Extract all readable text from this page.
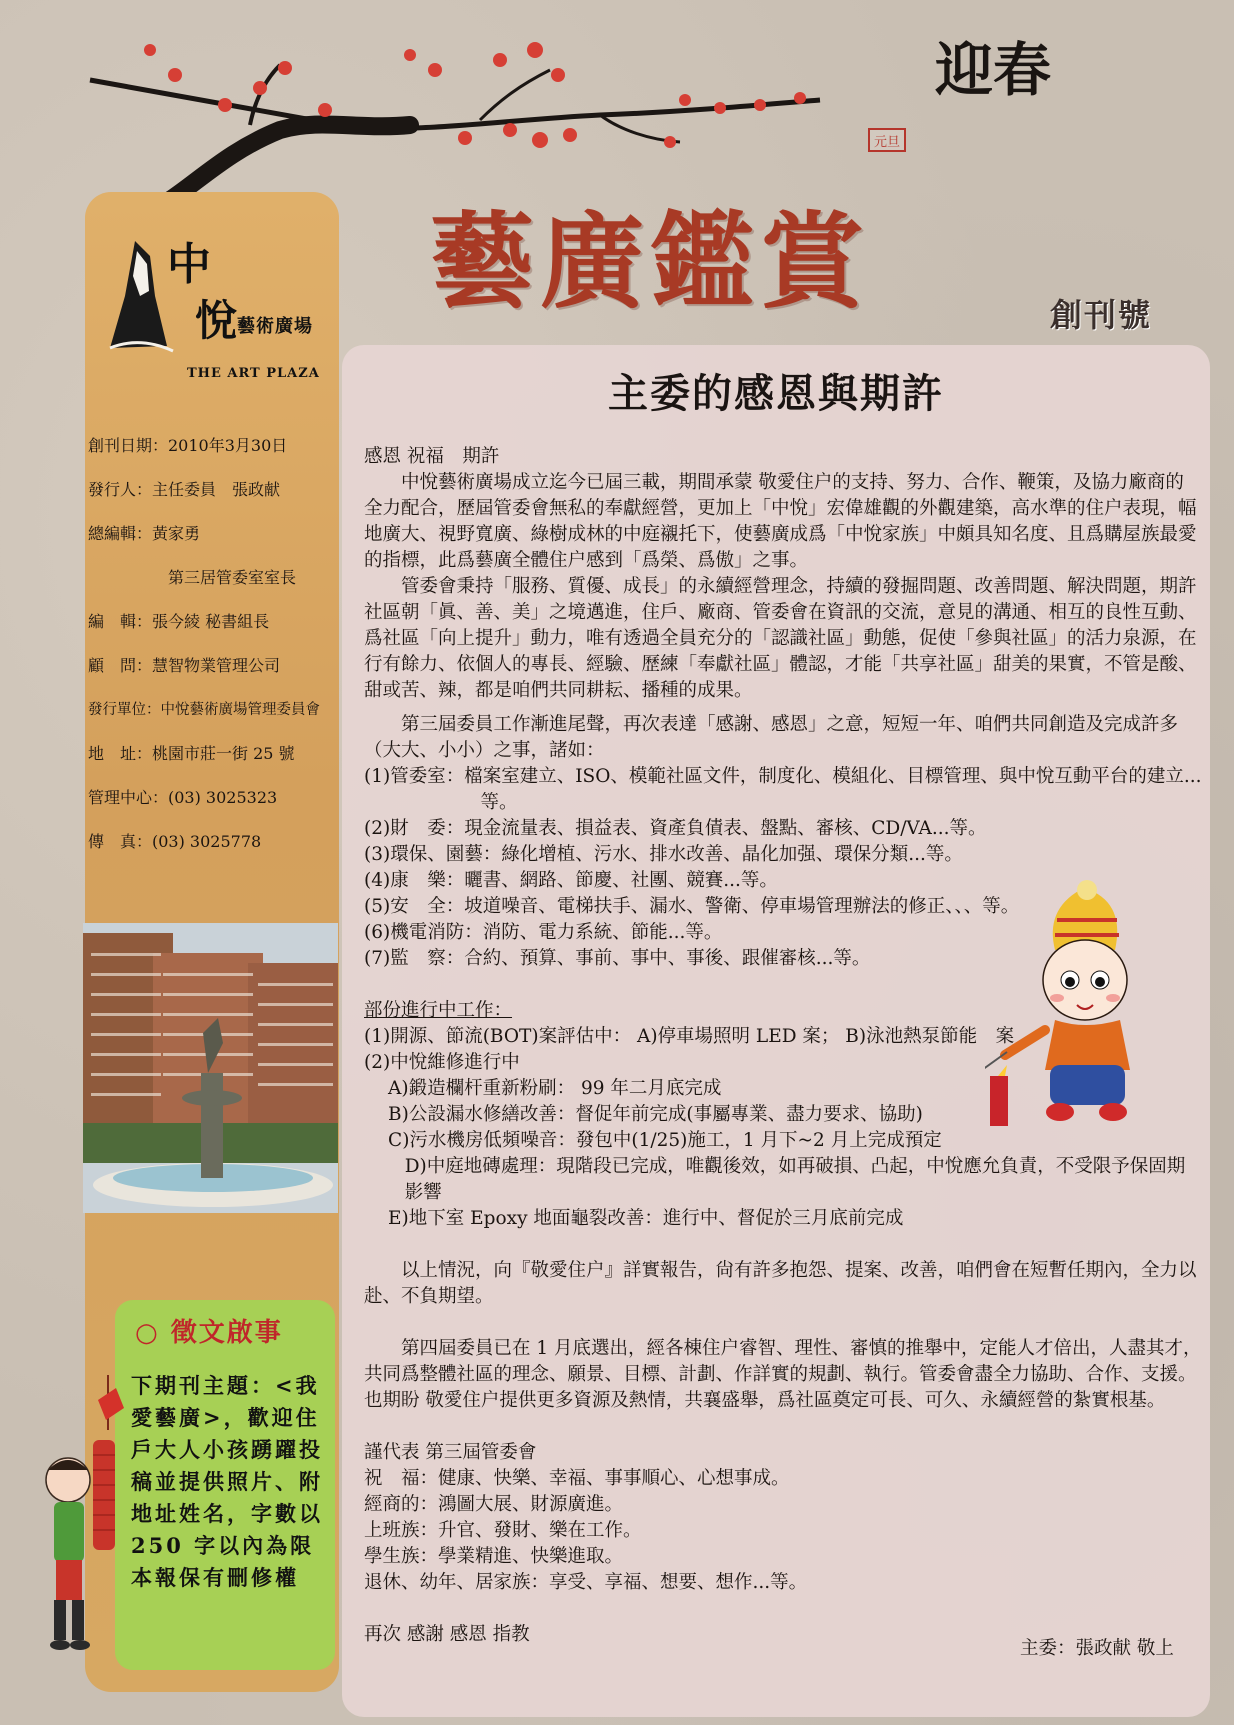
迎春
元旦
中
悅 藝術廣場
THE ART PLAZA
創刊日期：2010年3月30日
發行人：主任委員　張政献
總編輯：黃家勇
第三居管委室室長
編　輯：張今綾 秘書組長
顧　問：慧智物業管理公司
發行單位：中悅藝術廣場管理委員會
地　址：桃園市莊一街 25 號
管理中心：(03) 3025323
傳　真：(03) 3025778
○ 徵文啟事
下期刊主題：<我愛藝廣>，歡迎住戶大人小孩踴躍投稿並提供照片、附地址姓名，字數以 250 字以內為限本報保有刪修權
藝廣鑑賞	創刊號
主委的感恩與期許

感恩 祝福　期許

中悅藝術廣場成立迄今已屆三載，期間承蒙 敬愛住户的支持、努力、合作、鞭策，及協力廠商的全力配合，歷屆管委會無私的奉獻經營，更加上「中悅」宏偉雄觀的外觀建築，高水準的住户表現，幅地廣大、視野寬廣、綠樹成林的中庭襯托下，使藝廣成爲「中悅家族」中頗具知名度、且爲購屋族最愛的指標，此爲藝廣全體住户感到「爲榮、爲傲」之事。

管委會秉持「服務、質優、成長」的永續經營理念，持續的發掘問題、改善問題、解決問題，期許社區朝「眞、善、美」之境邁進，住戶、廠商、管委會在資訊的交流，意見的溝通、相互的良性互動、爲社區「向上提升」動力，唯有透過全員充分的「認識社區」動態，促使「參與社區」的活力泉源，在行有餘力、依個人的專長、經驗、歷練「奉獻社區」體認，才能「共享社區」甜美的果實，不管是酸、甜或苦、辣，都是咱們共同耕耘、播種的成果。

第三屆委員工作漸進尾聲，再次表達「感謝、感恩」之意，短短一年、咱們共同創造及完成許多（大大、小小）之事，諸如：

(1)管委室：檔案室建立、ISO、模範社區文件，制度化、模組化、目標管理、與中悅互動平台的建立...等。

(2)財　委：現金流量表、損益表、資產負債表、盤點、審核、CD/VA...等。

(3)環保、園藝：綠化增植、污水、排水改善、晶化加强、環保分類...等。

(4)康　樂：曬書、網路、節慶、社團、競賽...等。

(5)安　全：坡道噪音、電梯扶手、漏水、警衛、停車場管理辦法的修正、、、等。

(6)機電消防：消防、電力系統、節能...等。

(7)監　察：合約、預算、事前、事中、事後、跟催審核...等。

部份進行中工作：

(1)開源、節流(BOT)案評估中： A)停車場照明 LED 案； B)泳池熱泵節能　案

(2)中悅維修進行中

A)鍛造欄杆重新粉刷： 99 年二月底完成

B)公設漏水修繕改善：督促年前完成(事屬專業、盡力要求、協助)

C)污水機房低頻噪音：發包中(1/25)施工，1 月下~2 月上完成預定

D)中庭地磚處理：現階段已完成，唯觀後效，如再破損、凸起，中悅應允負責，不受限予保固期影響

E)地下室 Epoxy 地面龜裂改善：進行中、督促於三月底前完成

以上情況，向『敬愛住户』詳實報告，尙有許多抱怨、提案、改善，咱們會在短暫任期內，全力以赴、不負期望。

第四屆委員已在 1 月底選出，經各棟住户睿智、理性、審慎的推舉中，定能人才倍出，人盡其才，共同爲整體社區的理念、願景、目標、計劃、作詳實的規劃、執行。管委會盡全力協助、合作、支援。也期盼 敬愛住户提供更多資源及熱情，共襄盛舉，爲社區奠定可長、可久、永續經營的紮實根基。

謹代表 第三屆管委會

祝　福：健康、快樂、幸福、事事順心、心想事成。

經商的：鴻圖大展、財源廣進。

上班族：升官、發財、樂在工作。

學生族：學業精進、快樂進取。

退休、幼年、居家族：享受、享福、想要、想作...等。

再次 感謝 感恩 指教

主委：張政献 敬上
